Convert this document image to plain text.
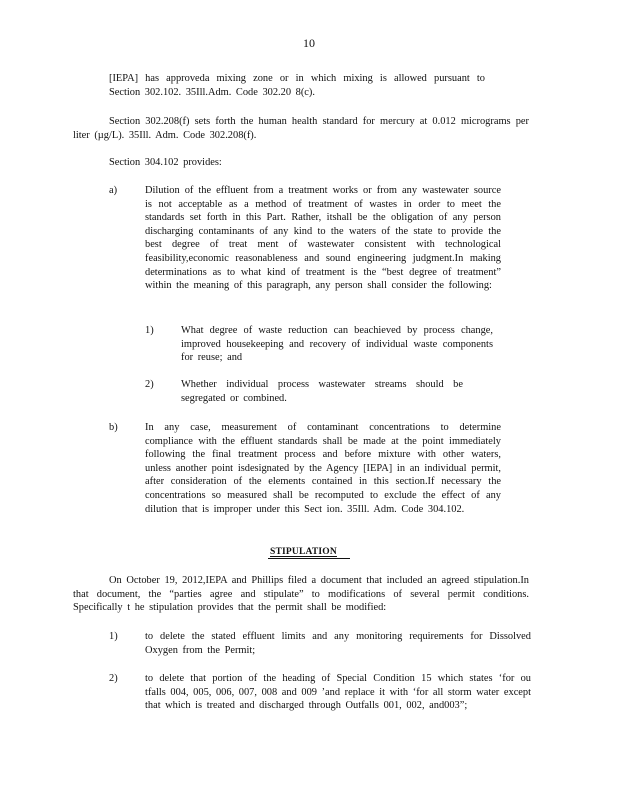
10
[IEPA] has approveda mixing zone or in which mixing is allowed pursuant to Section 302.102. 35Ill.Adm. Code 302.20 8(c).
Section 302.208(f) sets forth the human health standard for mercury at 0.012 micrograms per liter (µg/L). 35Ill. Adm. Code 302.208(f).
Section 304.102 provides:
a)	Dilution of the effluent from a treatment works or from any wastewater source is not acceptable as a method of treatment of wastes in order to meet the standards set forth in this Part. Rather, itshall be the obligation of any person discharging contaminants of any kind to the waters of the state to provide the best degree of treat ment of wastewater consistent with technological feasibility,economic reasonableness and sound engineering judgment.In making determinations as to what kind of treatment is the “best degree of treatment” within the meaning of this paragraph, any person shall consider the following:
1)	What degree of waste reduction can beachieved by process change, improved housekeeping and recovery of individual waste components for reuse; and
2)	Whether individual process wastewater streams should be segregated or combined.
b)	In any case, measurement of contaminant concentrations to determine compliance with the effluent standards shall be made at the point immediately following the final treatment process and before mixture with other waters, unless another point isdesignated by the Agency [IEPA] in an individual permit, after consideration of the elements contained in this section.If necessary the concentrations so measured shall be recomputed to exclude the effect of any dilution that is improper under this Sect ion. 35Ill. Adm. Code 304.102.
STIPULATION
On October 19, 2012,IEPA and Phillips filed a document that included an agreed stipulation.In that document, the “parties agree and stipulate” to modifications of several permit conditions. Specifically t he stipulation provides that the permit shall be modified:
1)	to delete the stated effluent limits and any monitoring requirements for Dissolved Oxygen from the Permit;
2)	to delete that portion of the heading of Special Condition 15 which states ‘for ou tfalls 004, 005, 006, 007, 008 and 009 ’and replace it with ‘for all storm water except that which is treated and discharged through Outfalls 001, 002, and003”;
